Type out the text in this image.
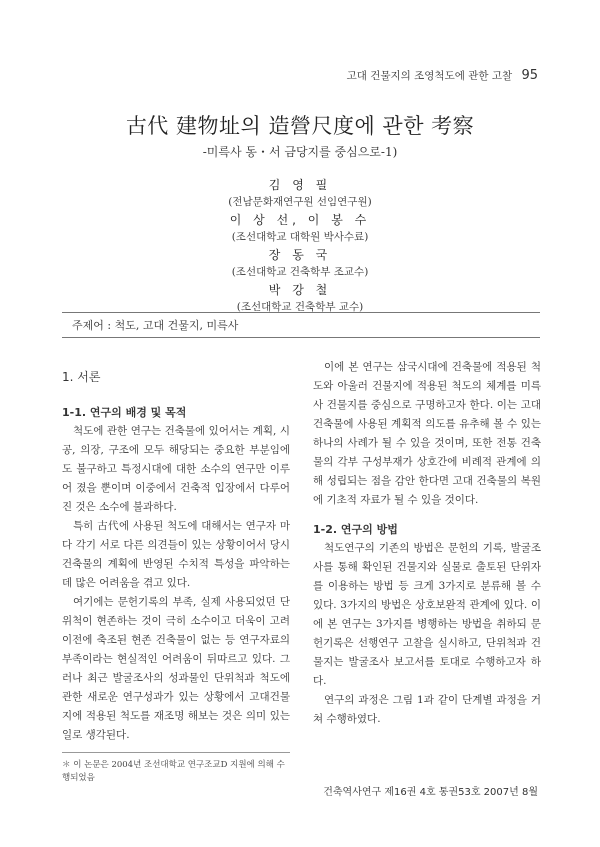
고대 건물지의 조영척도에 관한 고찰 95
古代 建物址의 造營尺度에 관한 考察
-미륵사 동・서 금당지를 중심으로-1)
김 영 필
(전남문화재연구원 선임연구원)
이 상 선, 이 봉 수
(조선대학교 대학원 박사수료)
장 동 국
(조선대학교 건축학부 조교수)
박 강 철
(조선대학교 건축학부 교수)
주제어 : 척도, 고대 건물지, 미륵사
1. 서론
1-1. 연구의 배경 및 목적

척도에 관한 연구는 건축물에 있어서는 계획, 시공, 의장, 구조에 모두 해당되는 중요한 부분임에도 불구하고 특정시대에 대한 소수의 연구만 이루어 졌을 뿐이며 이중에서 건축적 입장에서 다루어진 것은 소수에 불과하다.

특히 古代에 사용된 척도에 대해서는 연구자 마다 각기 서로 다른 의견들이 있는 상황이어서 당시 건축물의 계획에 반영된 수치적 특성을 파악하는데 많은 어려움을 겪고 있다.

여기에는 문헌기록의 부족, 실제 사용되었던 단위척이 현존하는 것이 극히 소수이고 더욱이 고려이전에 축조된 현존 건축물이 없는 등 연구자료의 부족이라는 현실적인 어려움이 뒤따르고 있다. 그러나 최근 발굴조사의 성과물인 단위척과 척도에 관한 새로운 연구성과가 있는 상황에서 고대건물지에 적용된 척도를 재조명 해보는 것은 의미 있는 일로 생각된다.

이에 본 연구는 삼국시대에 건축물에 적용된 척도와 아울러 건물지에 적용된 척도의 체계를 미륵사 건물지를 중심으로 구명하고자 한다. 이는 고대 건축물에 사용된 계획적 의도를 유추해 볼 수 있는 하나의 사례가 될 수 있을 것이며, 또한 전통 건축물의 각부 구성부재가 상호간에 비례적 관계에 의해 성립되는 점을 감안 한다면 고대 건축물의 복원에 기초적 자료가 될 수 있을 것이다.

1-2. 연구의 방법

척도연구의 기존의 방법은 문헌의 기록, 발굴조사를 통해 확인된 건물지와 실물로 출토된 단위자를 이용하는 방법 등 크게 3가지로 분류해 볼 수 있다. 3가지의 방법은 상호보완적 관계에 있다. 이에 본 연구는 3가지를 병행하는 방법을 취하되 문헌기록은 선행연구 고찰을 실시하고, 단위척과 건물지는 발굴조사 보고서를 토대로 수행하고자 하다.

연구의 과정은 그림 1과 같이 단계별 과정을 거쳐 수행하였다.

＊ 이 논문은 2004년 조선대학교 연구조교D 지원에 의해 수행되었음
건축역사연구 제16권 4호 통권53호 2007년 8월
